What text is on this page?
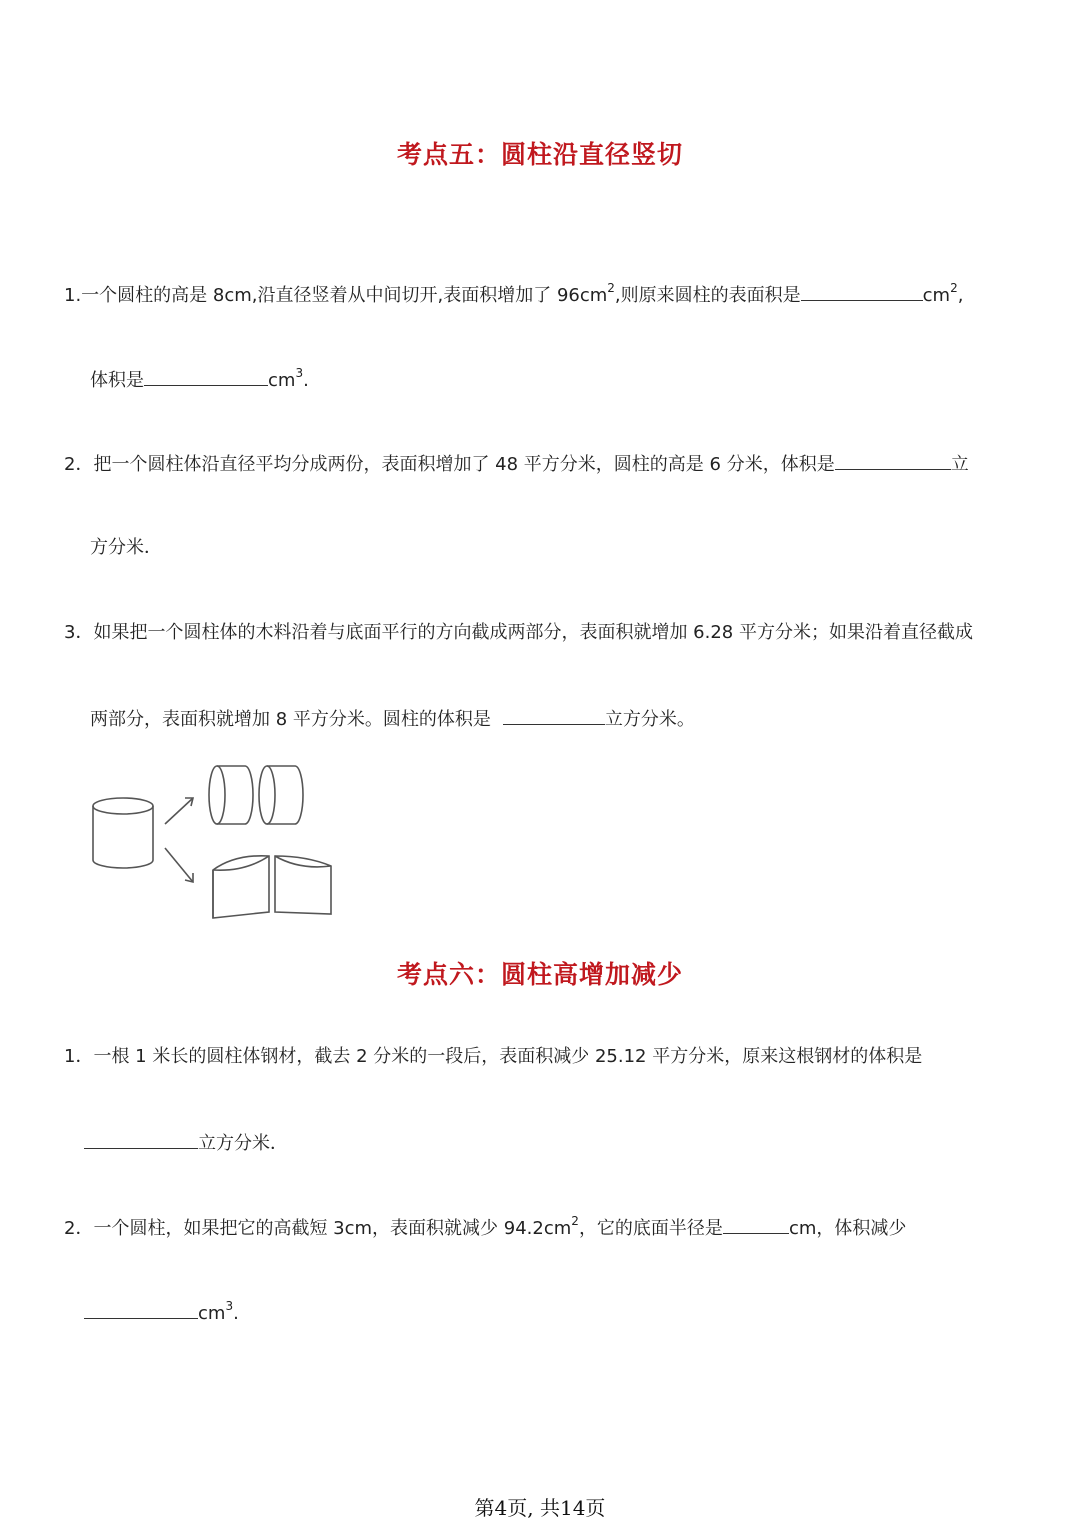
考点五：圆柱沿直径竖切
1.一个圆柱的高是 8cm,沿直径竖着从中间切开,表面积增加了 $96cm^2$,则原来圆柱的表面积是	$cm^2$,
体积是	$cm^3$.
2．把一个圆柱体沿直径平均分成两份，表面积增加了 48 平方分米，圆柱的高是 6 分米，体积是	立
方分米．
3．如果把一个圆柱体的木料沿着与底面平行的方向截成两部分，表面积就增加 6.28 平方分米；如果沿着直径截成
两部分，表面积就增加 8 平方分米。圆柱的体积是	立方分米。
考点六：圆柱高增加减少
1．一根 1 米长的圆柱体钢材，截去 2 分米的一段后，表面积减少 25.12 平方分米，原来这根钢材的体积是
立方分米．
2．一个圆柱，如果把它的高截短 3cm，表面积就减少 $94.2cm^2$，它的底面半径是	cm，体积减少
$cm^3$.
第4页, 共14页
